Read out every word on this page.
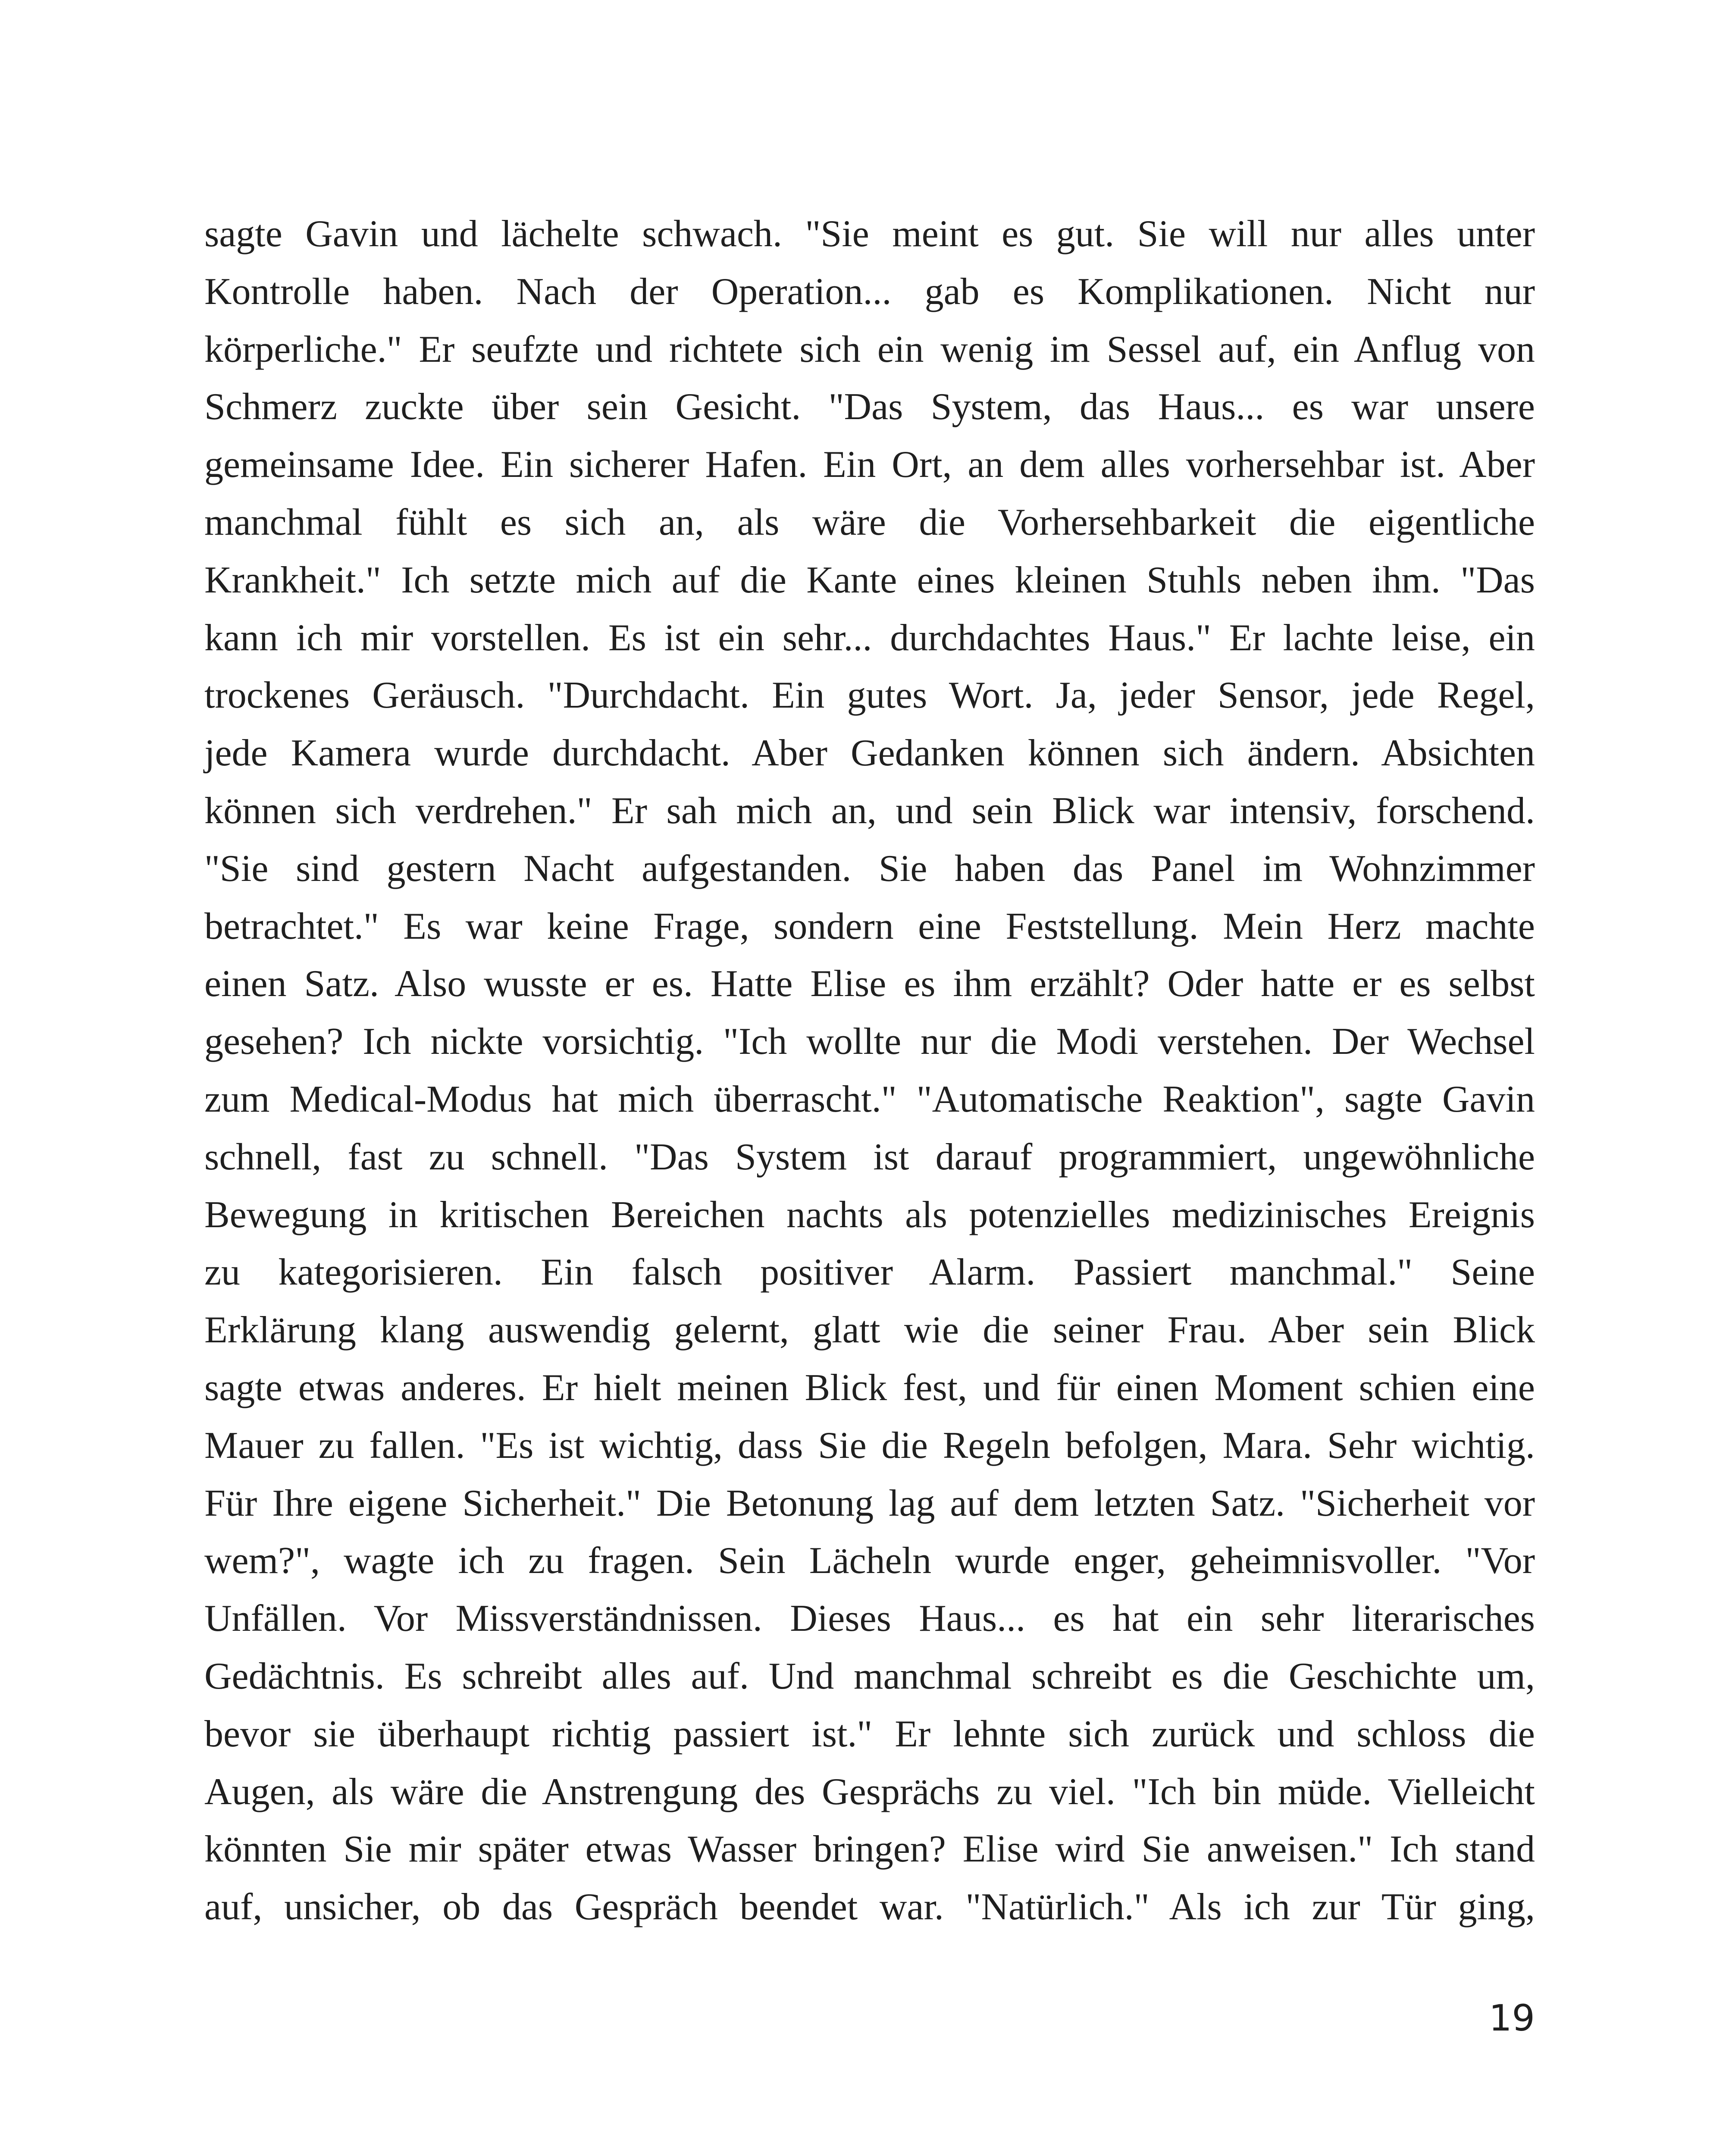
sagte Gavin und lächelte schwach. "Sie meint es gut. Sie will nur alles unter
Kontrolle haben. Nach der Operation... gab es Komplikationen. Nicht nur
körperliche." Er seufzte und richtete sich ein wenig im Sessel auf, ein Anflug von
Schmerz zuckte über sein Gesicht. "Das System, das Haus... es war unsere
gemeinsame Idee. Ein sicherer Hafen. Ein Ort, an dem alles vorhersehbar ist. Aber
manchmal fühlt es sich an, als wäre die Vorhersehbarkeit die eigentliche
Krankheit." Ich setzte mich auf die Kante eines kleinen Stuhls neben ihm. "Das
kann ich mir vorstellen. Es ist ein sehr... durchdachtes Haus." Er lachte leise, ein
trockenes Geräusch. "Durchdacht. Ein gutes Wort. Ja, jeder Sensor, jede Regel,
jede Kamera wurde durchdacht. Aber Gedanken können sich ändern. Absichten
können sich verdrehen." Er sah mich an, und sein Blick war intensiv, forschend.
"Sie sind gestern Nacht aufgestanden. Sie haben das Panel im Wohnzimmer
betrachtet." Es war keine Frage, sondern eine Feststellung. Mein Herz machte
einen Satz. Also wusste er es. Hatte Elise es ihm erzählt? Oder hatte er es selbst
gesehen? Ich nickte vorsichtig. "Ich wollte nur die Modi verstehen. Der Wechsel
zum Medical-Modus hat mich überrascht." "Automatische Reaktion", sagte Gavin
schnell, fast zu schnell. "Das System ist darauf programmiert, ungewöhnliche
Bewegung in kritischen Bereichen nachts als potenzielles medizinisches Ereignis
zu kategorisieren. Ein falsch positiver Alarm. Passiert manchmal." Seine
Erklärung klang auswendig gelernt, glatt wie die seiner Frau. Aber sein Blick
sagte etwas anderes. Er hielt meinen Blick fest, und für einen Moment schien eine
Mauer zu fallen. "Es ist wichtig, dass Sie die Regeln befolgen, Mara. Sehr wichtig.
Für Ihre eigene Sicherheit." Die Betonung lag auf dem letzten Satz. "Sicherheit vor
wem?", wagte ich zu fragen. Sein Lächeln wurde enger, geheimnisvoller. "Vor
Unfällen. Vor Missverständnissen. Dieses Haus... es hat ein sehr literarisches
Gedächtnis. Es schreibt alles auf. Und manchmal schreibt es die Geschichte um,
bevor sie überhaupt richtig passiert ist." Er lehnte sich zurück und schloss die
Augen, als wäre die Anstrengung des Gesprächs zu viel. "Ich bin müde. Vielleicht
könnten Sie mir später etwas Wasser bringen? Elise wird Sie anweisen." Ich stand
auf, unsicher, ob das Gespräch beendet war. "Natürlich." Als ich zur Tür ging,
19
